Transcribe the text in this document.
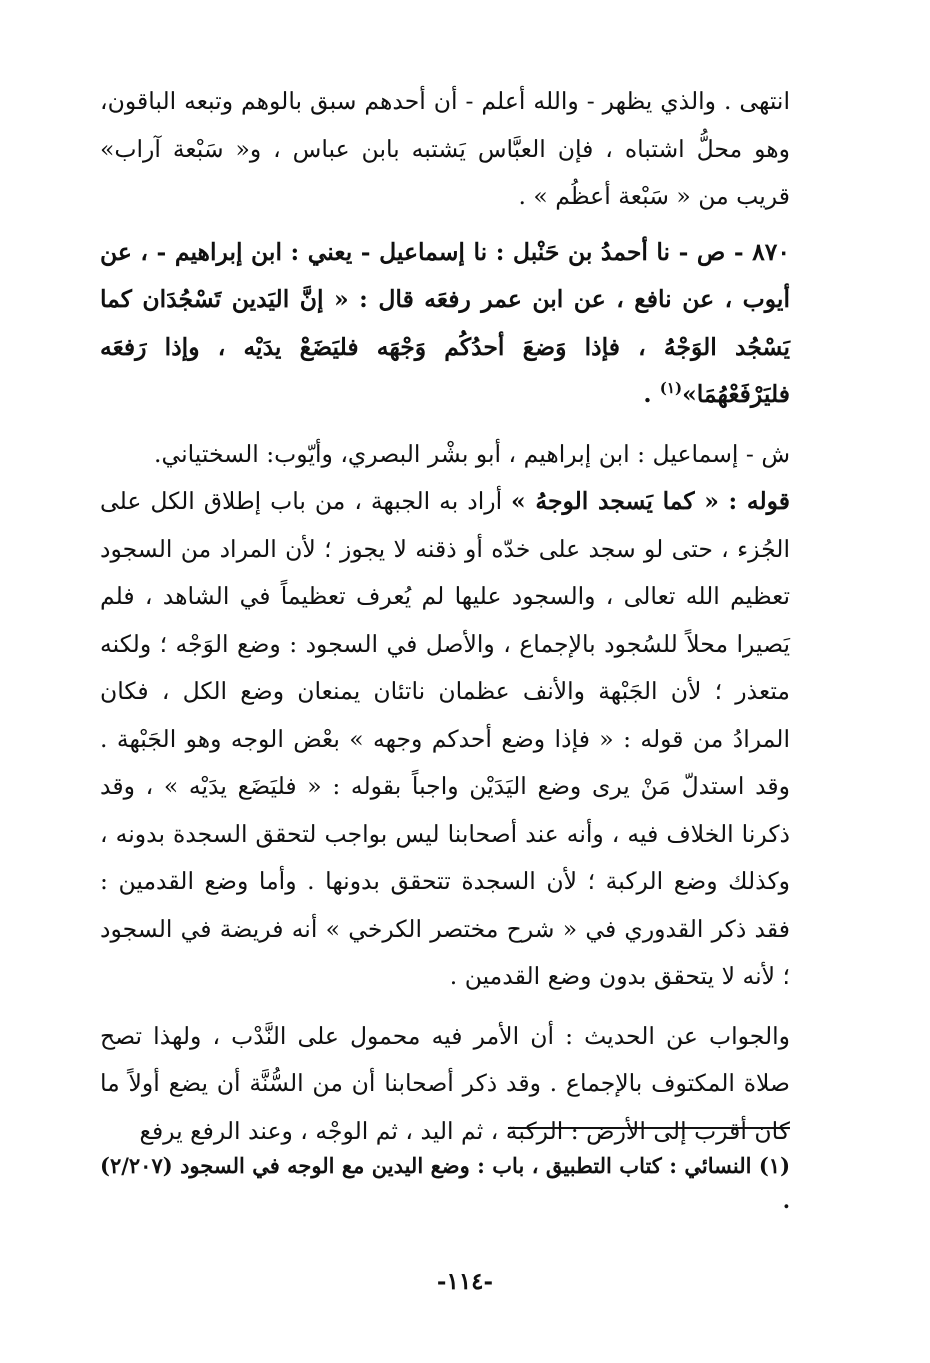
انتهى . والذي يظهر - والله أعلم - أن أحدهم سبق بالوهم وتبعه الباقون، وهو محلُّ اشتباه ، فإن العبَّاس يَشتبه بابن عباس ، و« سَبْعة آراب» قريب من « سَبْعة أعظُم » .

٨٧٠ - ص - نا أحمدُ بن حَنْبل : نا إسماعيل - يعني : ابن إبراهيم - ، عن أيوب ، عن نافع ، عن ابن عمر رفعَه قال : « إنَّ اليَدين تَسْجُدَان كما يَسْجُد الوَجْهُ ، فإذا وَضعَ أحدُكُم وَجْهَه فليَضَعْ يدَيْه ، وإذا رَفعَه فليَرْفَعْهُمَا»$^{(١)}$ .

ش - إسماعيل : ابن إبراهيم ، أبو بشْر البصري، وأيّوب: السختياني.

قوله : « كما يَسجد الوجهُ » أراد به الجبهة ، من باب إطلاق الكل على الجُزء ، حتى لو سجد على خدّه أو ذقنه لا يجوز ؛ لأن المراد من السجود تعظيم الله تعالى ، والسجود عليها لم يُعرف تعظيماً في الشاهد ، فلم يَصيرا محلاً للسُجود بالإجماع ، والأصل في السجود : وضع الوَجْه ؛ ولكنه متعذر ؛ لأن الجَبْهة والأنف عظمان ناتئان يمنعان وضع الكل ، فكان المرادُ من قوله : « فإذا وضع أحدكم وجهه » بعْض الوجه وهو الجَبْهة . وقد استدلّ مَنْ يرى وضع اليَدَيْن واجباً بقوله : « فليَضَع يدَيْه » ، وقد ذكرنا الخلاف فيه ، وأنه عند أصحابنا ليس بواجب لتحقق السجدة بدونه ، وكذلك وضع الركبة ؛ لأن السجدة تتحقق بدونها . وأما وضع القدمين : فقد ذكر القدوري في « شرح مختصر الكرخي » أنه فريضة في السجود ؛ لأنه لا يتحقق بدون وضع القدمين .

والجواب عن الحديث : أن الأمر فيه محمول على النَّدْب ، ولهذا تصح صلاة المكتوف بالإجماع . وقد ذكر أصحابنا أن من السُّنَّة أن يضع أولاً ما كان أقرب إلى الأرض : الركبة ، ثم اليد ، ثم الوجْه ، وعند الرفع يرفع

(١) النسائي : كتاب التطبيق ، باب : وضع اليدين مع الوجه في السجود (٢/٢٠٧) .
-١١٤-
